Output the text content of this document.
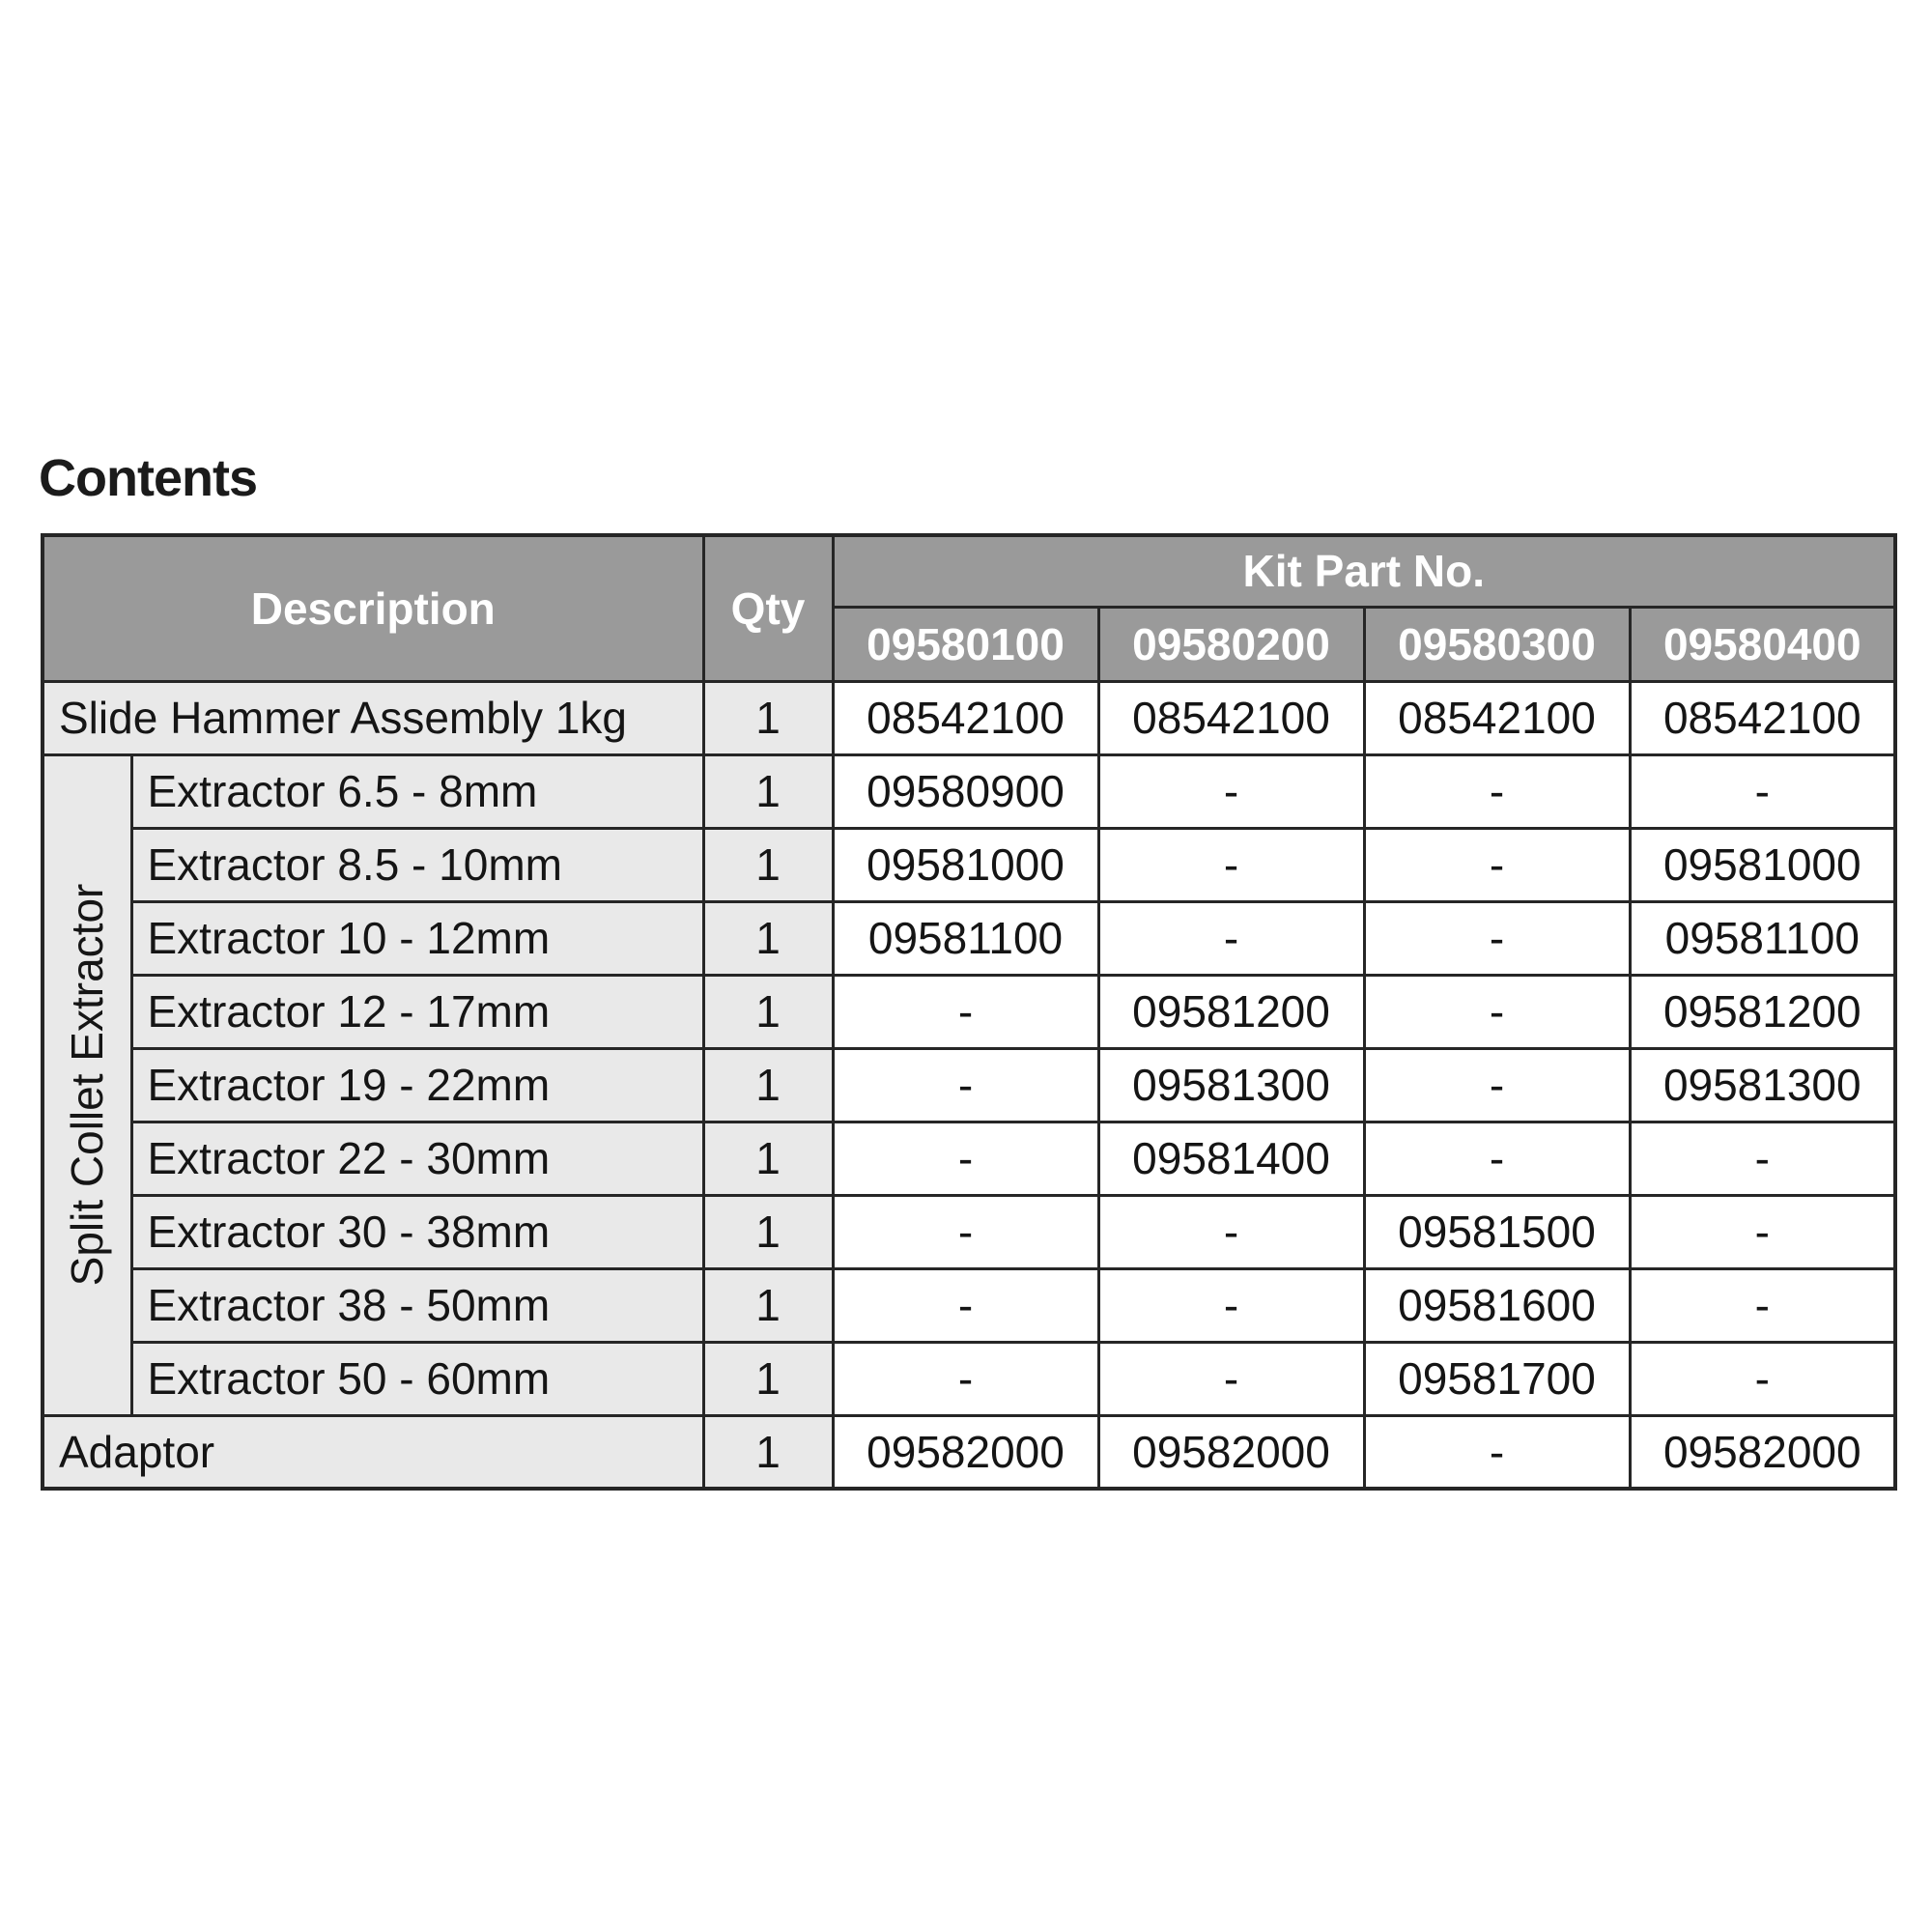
Contents
Description		Qty	Kit Part No.			
			09580100	09580200	09580300	09580400
Slide Hammer Assembly 1kg		1	08542100	08542100	08542100	08542100

Split Collet Extractor	Extractor 6.5 - 8mm	1	09580900	-	-	-
	Extractor 8.5 - 10mm	1	09581000	-	-	09581000
	Extractor 10 - 12mm	1	09581100	-	-	09581100
	Extractor 12 - 17mm	1	-	09581200	-	09581200
	Extractor 19 - 22mm	1	-	09581300	-	09581300
	Extractor 22 - 30mm	1	-	09581400	-	-
	Extractor 30 - 38mm	1	-	-	09581500	-
	Extractor 38 - 50mm	1	-	-	09581600	-
	Extractor 50 - 60mm	1	-	-	09581700	-
Adaptor		1	09582000	09582000	-	09582000
